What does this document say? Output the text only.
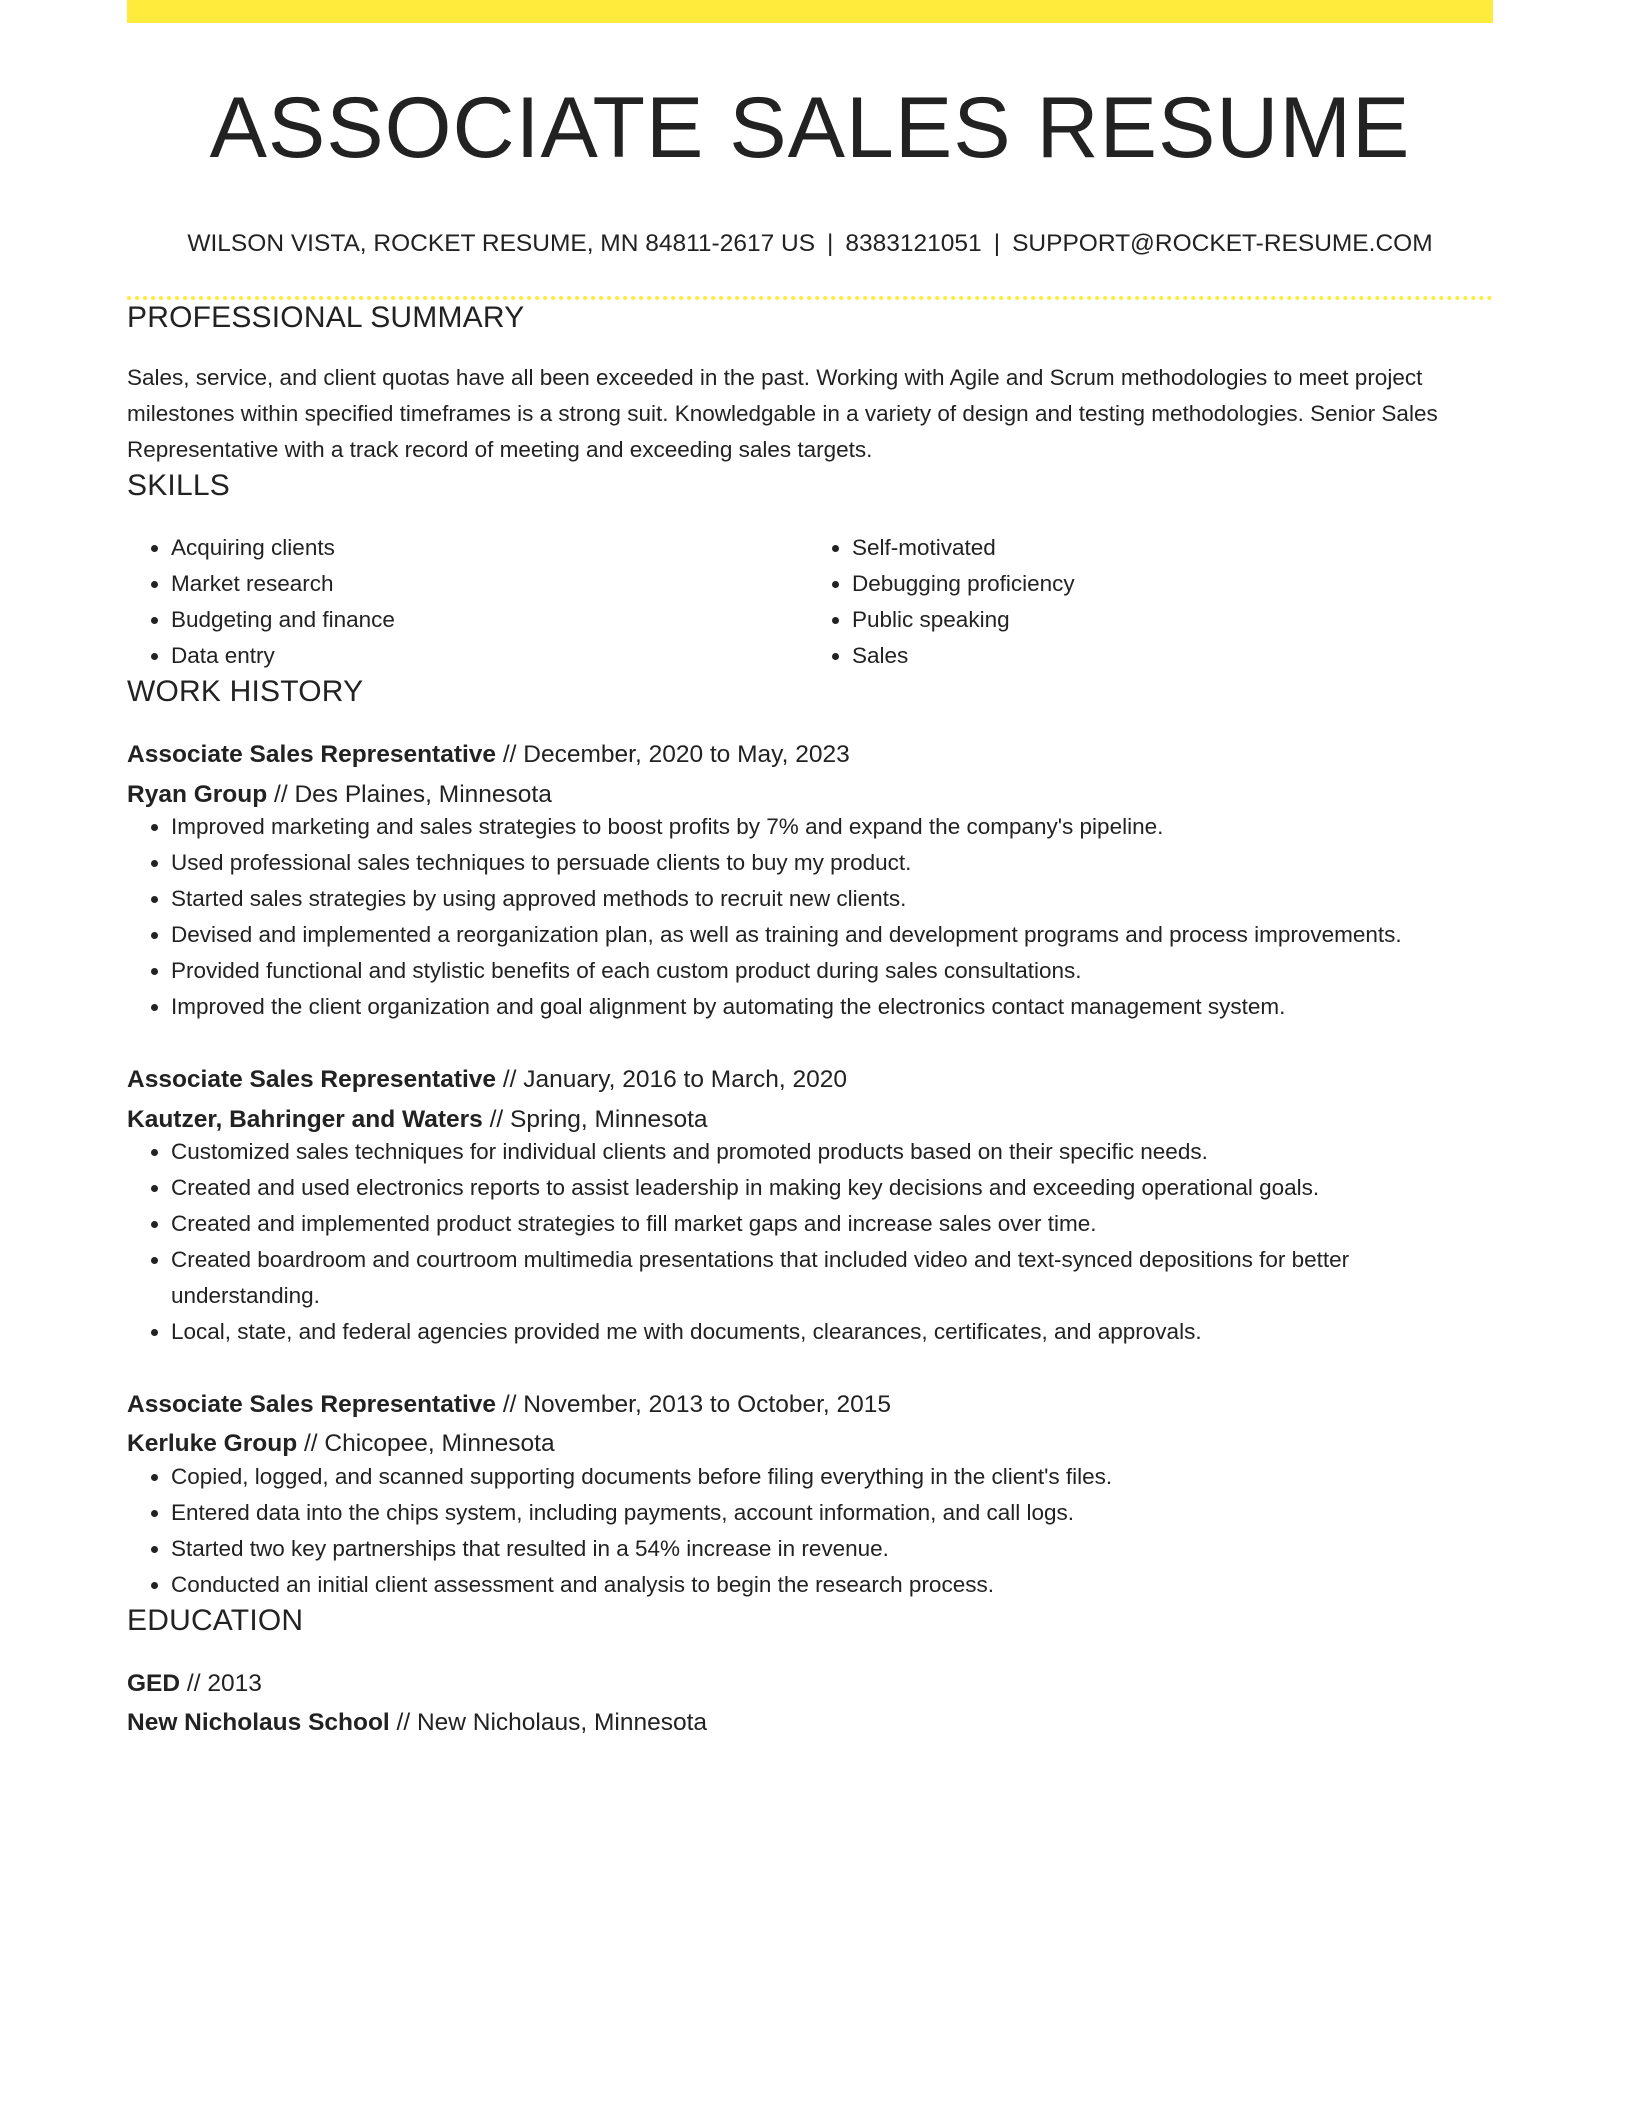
ASSOCIATE SALES RESUME
WILSON VISTA, ROCKET RESUME, MN 84811-2617 US | 8383121051 | SUPPORT@ROCKET-RESUME.COM
PROFESSIONAL SUMMARY

Sales, service, and client quotas have all been exceeded in the past. Working with Agile and Scrum methodologies to meet project milestones within specified timeframes is a strong suit. Knowledgable in a variety of design and testing methodologies. Senior Sales Representative with a track record of meeting and exceeding sales targets.

SKILLS
• Acquiring clients
• Market research
• Budgeting and finance
• Data entry
• Self-motivated
• Debugging proficiency
• Public speaking
• Sales
WORK HISTORY
Associate Sales Representative // December, 2020 to May, 2023
Ryan Group // Des Plaines, Minnesota
• Improved marketing and sales strategies to boost profits by 7% and expand the company's pipeline.
• Used professional sales techniques to persuade clients to buy my product.
• Started sales strategies by using approved methods to recruit new clients.
• Devised and implemented a reorganization plan, as well as training and development programs and process improvements.
• Provided functional and stylistic benefits of each custom product during sales consultations.
• Improved the client organization and goal alignment by automating the electronics contact management system.
Associate Sales Representative // January, 2016 to March, 2020
Kautzer, Bahringer and Waters // Spring, Minnesota
• Customized sales techniques for individual clients and promoted products based on their specific needs.
• Created and used electronics reports to assist leadership in making key decisions and exceeding operational goals.
• Created and implemented product strategies to fill market gaps and increase sales over time.
• Created boardroom and courtroom multimedia presentations that included video and text-synced depositions for better understanding.
• Local, state, and federal agencies provided me with documents, clearances, certificates, and approvals.
Associate Sales Representative // November, 2013 to October, 2015
Kerluke Group // Chicopee, Minnesota
• Copied, logged, and scanned supporting documents before filing everything in the client's files.
• Entered data into the chips system, including payments, account information, and call logs.
• Started two key partnerships that resulted in a 54% increase in revenue.
• Conducted an initial client assessment and analysis to begin the research process.
EDUCATION
GED // 2013
New Nicholaus School // New Nicholaus, Minnesota
